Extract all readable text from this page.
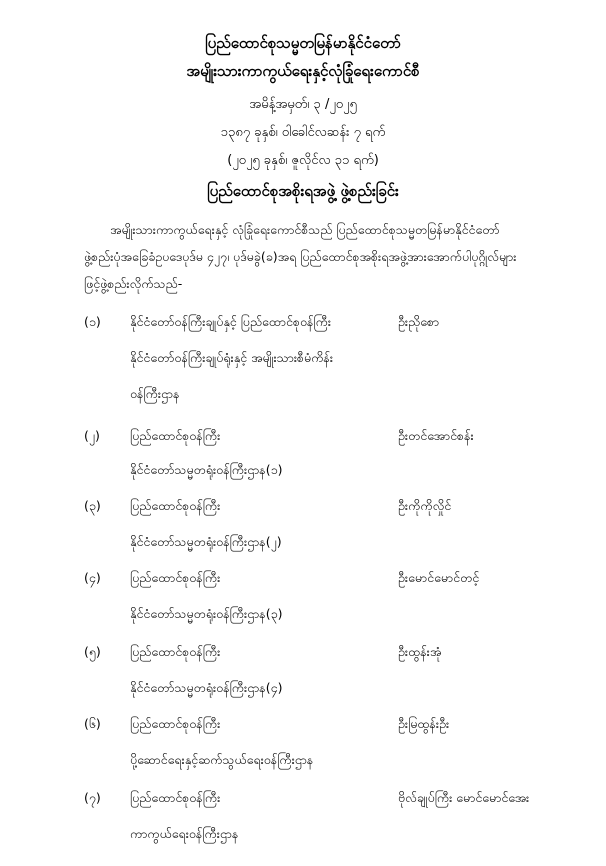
ပြည်ထောင်စုသမ္မတမြန်မာနိုင်ငံတော်
အမျိုးသားကာကွယ်ရေးနှင့်လုံခြုံရေးကောင်စီ
အမိန့်အမှတ်၊ ၃ /၂၀၂၅
၁၃၈၇ ခုနှစ်၊ ဝါခေါင်လဆန်း ၇ ရက်
(၂၀၂၅ ခုနှစ်၊ ဇူလိုင်လ ၃၁ ရက်)
ပြည်ထောင်စုအစိုးရအဖွဲ့ ဖွဲ့စည်းခြင်း
အမျိုးသားကာကွယ်ရေးနှင့် လုံခြုံရေးကောင်စီသည် ပြည်ထောင်စုသမ္မတမြန်မာနိုင်ငံတော်
ဖွဲ့စည်းပုံအခြေခံဥပဒေပုဒ်မ ၄၂၇၊ ပုဒ်မခွဲ(ခ)အရ ပြည်ထောင်စုအစိုးရအဖွဲ့အားအောက်ပါပုဂ္ဂိုလ်များ
ဖြင့်ဖွဲ့စည်းလိုက်သည်-
(၁) နိုင်ငံတော်ဝန်ကြီးချုပ်နှင့် ပြည်ထောင်စုဝန်ကြီး	ဦးညိုစော
နိုင်ငံတော်ဝန်ကြီးချုပ်ရုံးနှင့် အမျိုးသားစီမံကိန်း
ဝန်ကြီးဌာန
(၂) ပြည်ထောင်စုဝန်ကြီး	ဦးတင်အောင်စန်း
နိုင်ငံတော်သမ္မတရုံးဝန်ကြီးဌာန(၁)
(၃) ပြည်ထောင်စုဝန်ကြီး	ဦးကိုကိုလှိုင်
နိုင်ငံတော်သမ္မတရုံးဝန်ကြီးဌာန(၂)
(၄) ပြည်ထောင်စုဝန်ကြီး	ဦးမောင်မောင်တင့်
နိုင်ငံတော်သမ္မတရုံးဝန်ကြီးဌာန(၃)
(၅) ပြည်ထောင်စုဝန်ကြီး	ဦးထွန်းအုံ
နိုင်ငံတော်သမ္မတရုံးဝန်ကြီးဌာန(၄)
(၆) ပြည်ထောင်စုဝန်ကြီး	ဦးမြထွန်းဦး
ပို့ဆောင်ရေးနှင့်ဆက်သွယ်ရေးဝန်ကြီးဌာန
(၇) ပြည်ထောင်စုဝန်ကြီး	ဗိုလ်ချုပ်ကြီး မောင်မောင်အေး
ကာကွယ်ရေးဝန်ကြီးဌာန
